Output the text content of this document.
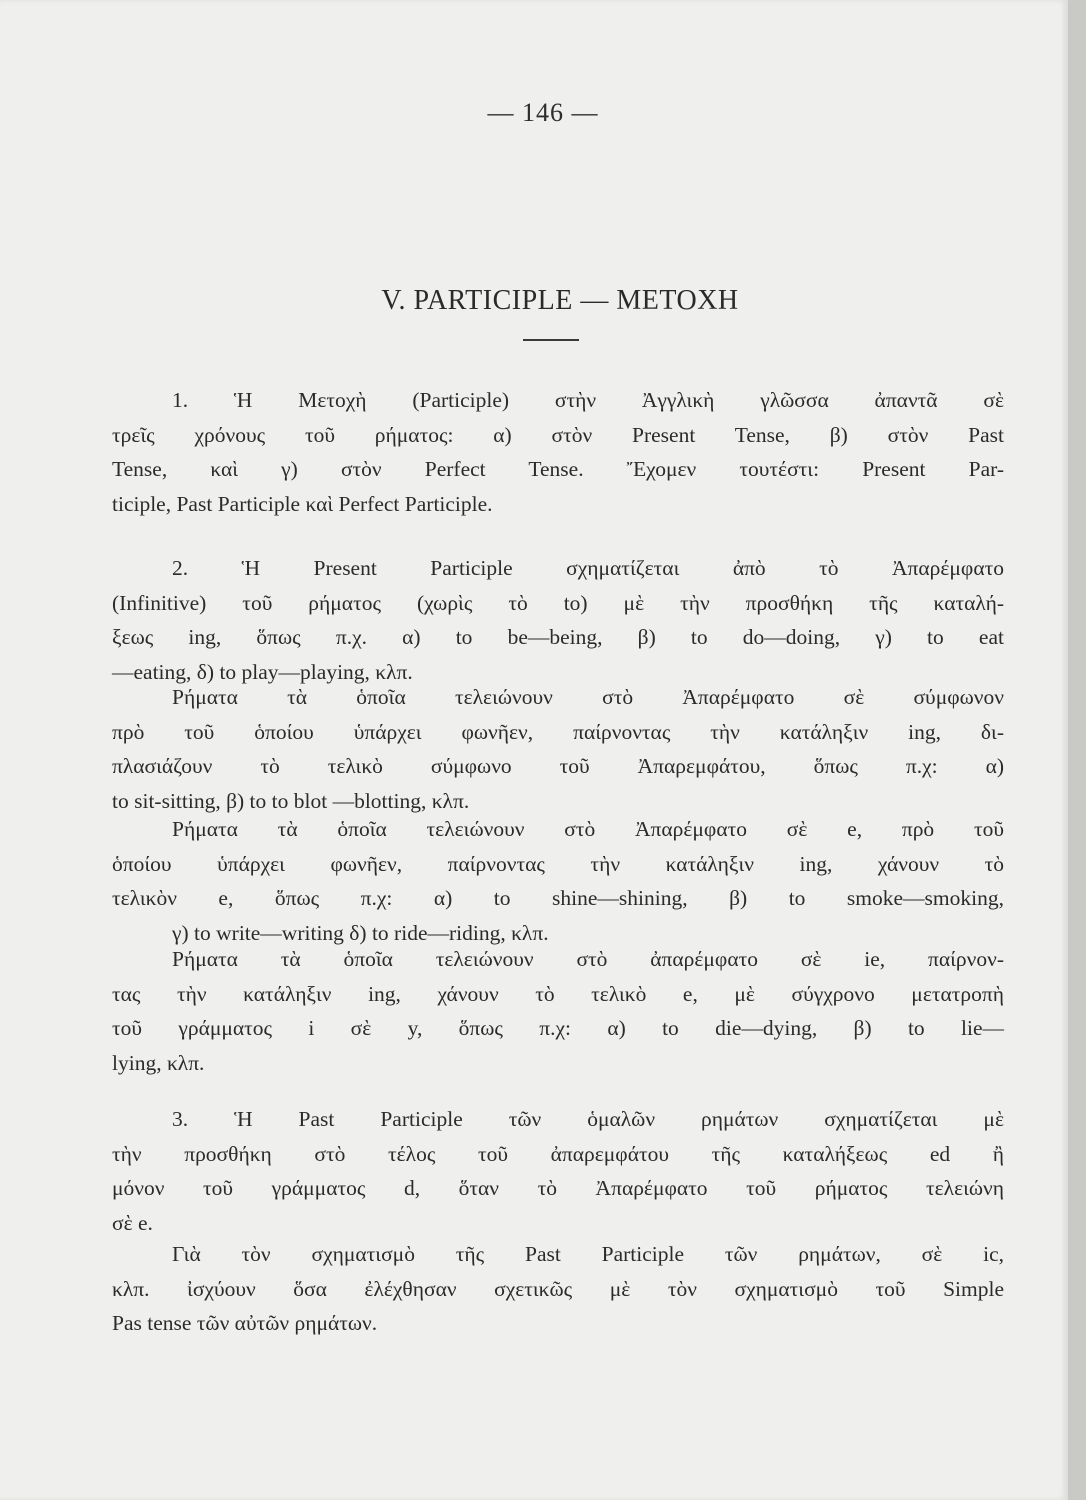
— 146 —
V. PARTICIPLE — ΜΕΤΟΧΗ
1. Ἡ Μετοχὴ (Participle) στὴν Ἀγγλικὴ γλῶσσα ἀπαντᾶ σὲ
τρεῖς χρόνους τοῦ ρήματος: α) στὸν Present Tense, β) στὸν Past
Tense, καὶ γ) στὸν Perfect Tense. Ἔχομεν τουτέστι: Present Par-
ticiple, Past Participle καὶ Perfect Participle.
2. Ἡ Present Participle σχηματίζεται ἀπὸ τὸ Ἀπαρέμφατο
(Infinitive) τοῦ ρήματος (χωρὶς τὸ to) μὲ τὴν προσθήκη τῆς καταλή-
ξεως ing, ὅπως π.χ. α) to be—being, β) to do—doing, γ) to eat
—eating, δ) to play—playing, κλπ.
Ρήματα τὰ ὁποῖα τελειώνουν στὸ Ἀπαρέμφατο σὲ σύμφωνον
πρὸ τοῦ ὁποίου ὑπάρχει φωνῆεν, παίρνοντας τὴν κατάληξιν ing, δι-
πλασιάζουν τὸ τελικὸ σύμφωνο τοῦ Ἀπαρεμφάτου, ὅπως π.χ: α)
to sit-sitting, β) to to blot —blotting, κλπ.
Ρήματα τὰ ὁποῖα τελειώνουν στὸ Ἀπαρέμφατο σὲ e, πρὸ τοῦ
ὁποίου ὑπάρχει φωνῆεν, παίρνοντας τὴν κατάληξιν ing, χάνουν τὸ
τελικὸν e, ὅπως π.χ: α) to shine—shining, β) to smoke—smoking,
γ) to write—writing δ) to ride—riding, κλπ.
Ρήματα τὰ ὁποῖα τελειώνουν στὸ ἀπαρέμφατο σὲ ie, παίρνον-
τας τὴν κατάληξιν ing, χάνουν τὸ τελικὸ e, μὲ σύγχρονο μετατροπὴ
τοῦ γράμματος i σὲ y, ὅπως π.χ: α) to die—dying, β) to lie—
lying, κλπ.
3. Ἡ Past Participle τῶν ὁμαλῶν ρημάτων σχηματίζεται μὲ
τὴν προσθήκη στὸ τέλος τοῦ ἀπαρεμφάτου τῆς καταλήξεως ed ἢ
μόνον τοῦ γράμματος d, ὅταν τὸ Ἀπαρέμφατο τοῦ ρήματος τελειώνη
σὲ e.
Γιὰ τὸν σχηματισμὸ τῆς Past Participle τῶν ρημάτων, σὲ ic,
κλπ. ἰσχύουν ὅσα ἐλέχθησαν σχετικῶς μὲ τὸν σχηματισμὸ τοῦ Simple
Pas tense τῶν αὐτῶν ρημάτων.
